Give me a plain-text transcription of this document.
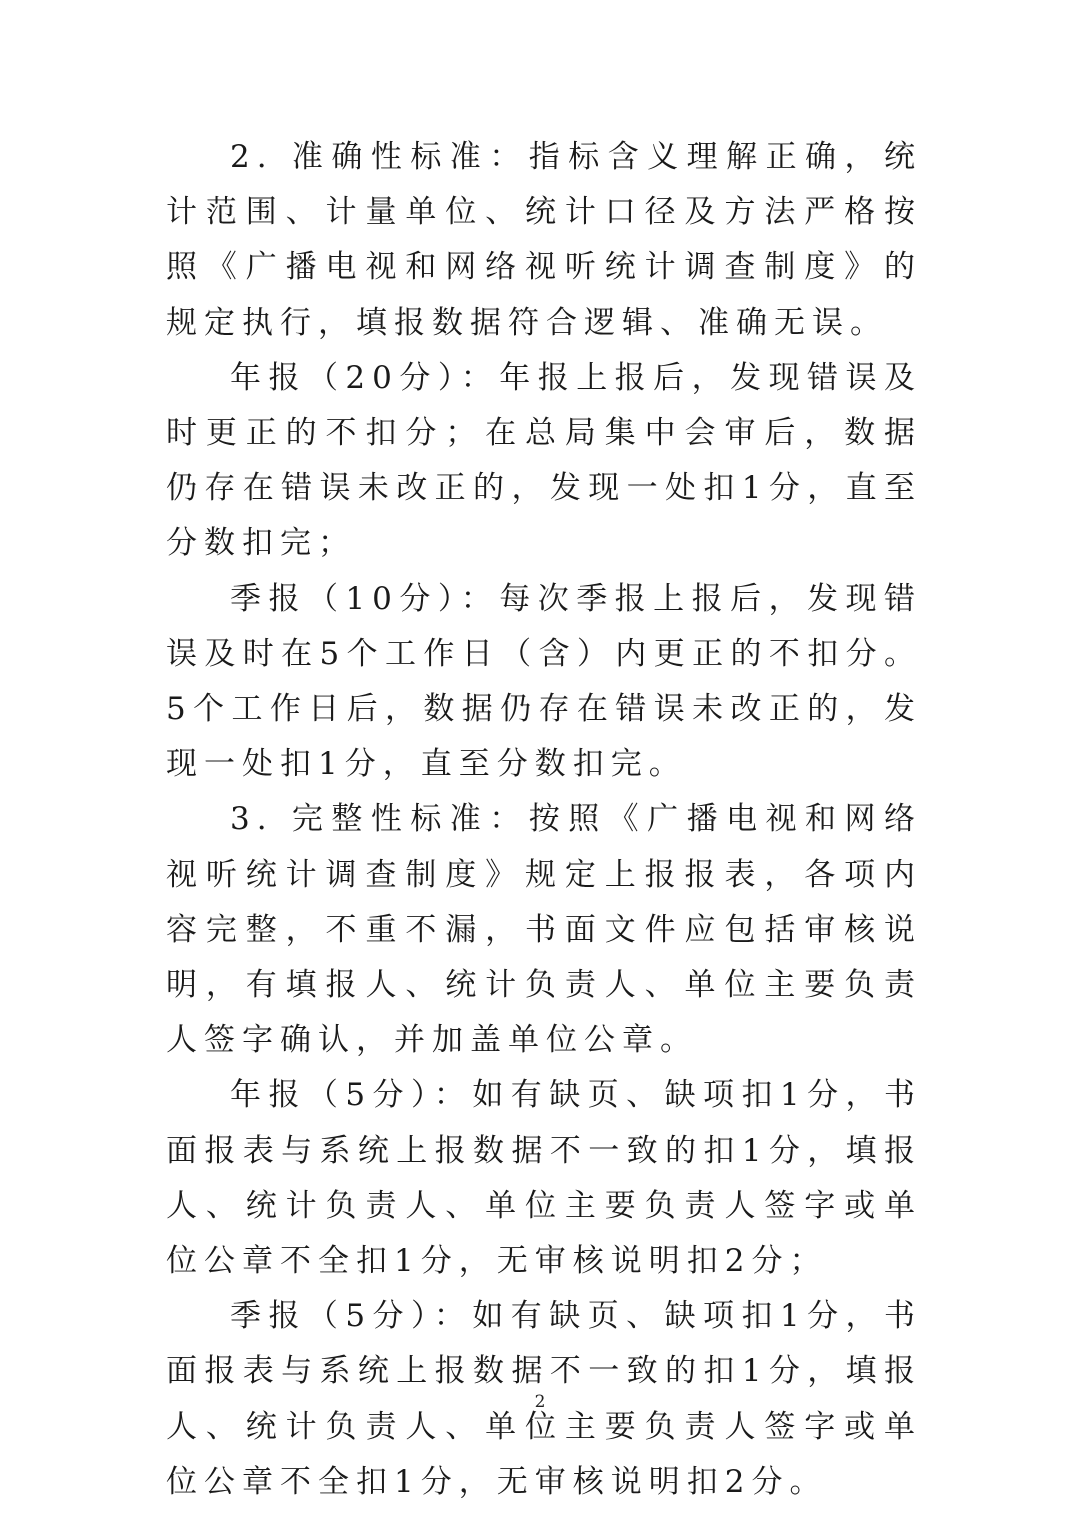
2. 准确性标准：指标含义理解正确，统计范围、计量单位、统计口径及方法严格按照《广播电视和网络视听统计调查制度》的规定执行，填报数据符合逻辑、准确无误。

年报（20分）：年报上报后，发现错误及时更正的不扣分；在总局集中会审后，数据仍存在错误未改正的，发现一处扣1分，直至分数扣完；

季报（10分）：每次季报上报后，发现错误及时在5个工作日（含）内更正的不扣分。5个工作日后，数据仍存在错误未改正的，发现一处扣1分，直至分数扣完。

3. 完整性标准：按照《广播电视和网络视听统计调查制度》规定上报报表，各项内容完整，不重不漏，书面文件应包括审核说明，有填报人、统计负责人、单位主要负责人签字确认，并加盖单位公章。

年报（5分）：如有缺页、缺项扣1分，书面报表与系统上报数据不一致的扣1分，填报人、统计负责人、单位主要负责人签字或单位公章不全扣1分，无审核说明扣2分；

季报（5分）：如有缺页、缺项扣1分，书面报表与系统上报数据不一致的扣1分，填报人、统计负责人、单位主要负责人签字或单位公章不全扣1分，无审核说明扣2分。

2
